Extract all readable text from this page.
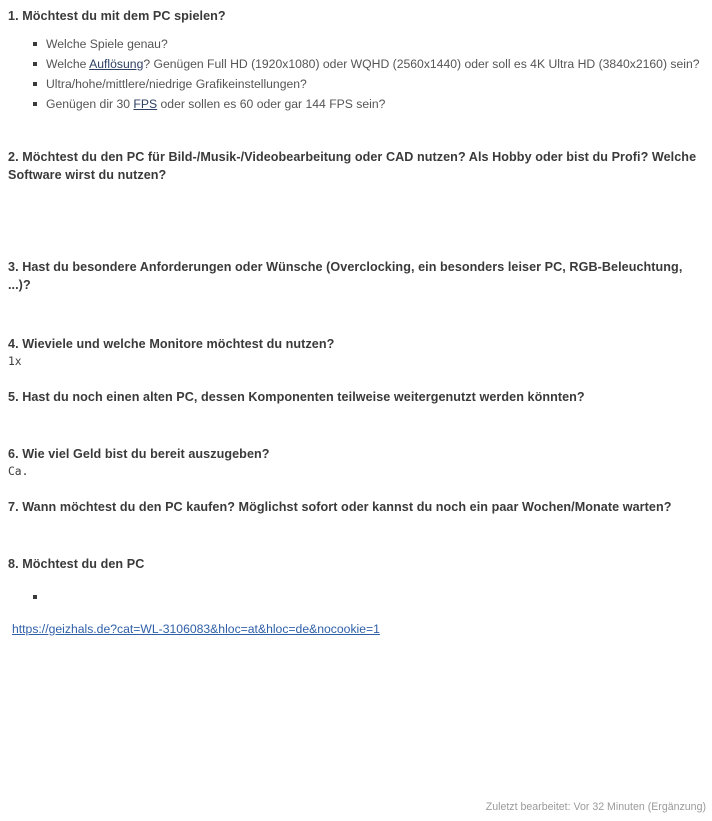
1. Möchtest du mit dem PC spielen?

Welche Spiele genau?
Welche Auflösung? Genügen Full HD (1920x1080) oder WQHD (2560x1440) oder soll es 4K Ultra HD (3840x2160) sein?
Ultra/hohe/mittlere/niedrige Grafikeinstellungen?
Genügen dir 30 FPS oder sollen es 60 oder gar 144 FPS sein?

2. Möchtest du den PC für Bild-/Musik-/Videobearbeitung oder CAD nutzen? Als Hobby oder bist du Profi? Welche Software wirst du nutzen?

3. Hast du besondere Anforderungen oder Wünsche (Overclocking, ein besonders leiser PC, RGB-Beleuchtung, ...)?

4. Wieviele und welche Monitore möchtest du nutzen?

1x

5. Hast du noch einen alten PC, dessen Komponenten teilweise weitergenutzt werden könnten?

6. Wie viel Geld bist du bereit auszugeben?

Ca.

7. Wann möchtest du den PC kaufen? Möglichst sofort oder kannst du noch ein paar Wochen/Monate warten?

8. Möchtest du den PC

https://geizhals.de?cat=WL-3106083&hloc=at&hloc=de&nocookie=1
Zuletzt bearbeitet: Vor 32 Minuten (Ergänzung)
